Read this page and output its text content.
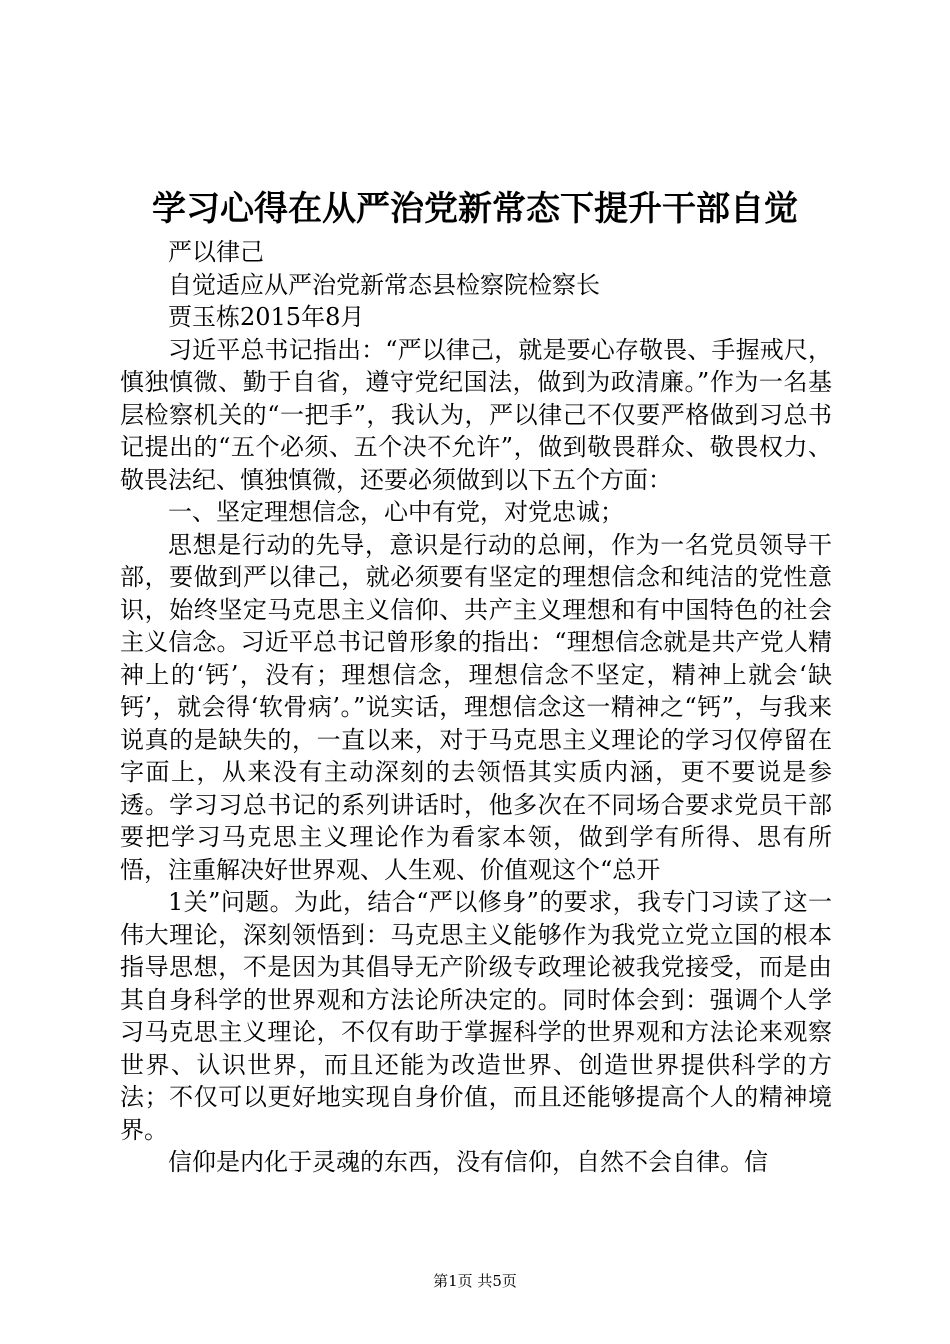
学习心得在从严治党新常态下提升干部自觉

严以律己

自觉适应从严治党新常态县检察院检察长

贾玉栋2015年8月

习近平总书记指出：“严以律己，就是要心存敬畏、手握戒尺，慎独慎微、勤于自省，遵守党纪国法，做到为政清廉。”作为一名基层检察机关的“一把手”，我认为，严以律己不仅要严格做到习总书记提出的“五个必须、五个决不允许”，做到敬畏群众、敬畏权力、敬畏法纪、慎独慎微，还要必须做到以下五个方面：

一、坚定理想信念，心中有党，对党忠诚；

思想是行动的先导，意识是行动的总闸，作为一名党员领导干部，要做到严以律己，就必须要有坚定的理想信念和纯洁的党性意识，始终坚定马克思主义信仰、共产主义理想和有中国特色的社会主义信念。习近平总书记曾形象的指出：“理想信念就是共产党人精神上的‘钙’，没有；理想信念，理想信念不坚定，精神上就会‘缺钙’，就会得‘软骨病’。”说实话，理想信念这一精神之“钙”，与我来说真的是缺失的，一直以来，对于马克思主义理论的学习仅停留在字面上，从来没有主动深刻的去领悟其实质内涵，更不要说是参透。学习习总书记的系列讲话时，他多次在不同场合要求党员干部要把学习马克思主义理论作为看家本领，做到学有所得、思有所悟，注重解决好世界观、人生观、价值观这个“总开

1关”问题。为此，结合“严以修身”的要求，我专门习读了这一伟大理论，深刻领悟到：马克思主义能够作为我党立党立国的根本指导思想，不是因为其倡导无产阶级专政理论被我党接受，而是由其自身科学的世界观和方法论所决定的。同时体会到：强调个人学习马克思主义理论，不仅有助于掌握科学的世界观和方法论来观察世界、认识世界，而且还能为改造世界、创造世界提供科学的方法；不仅可以更好地实现自身价值，而且还能够提高个人的精神境界。

信仰是内化于灵魂的东西，没有信仰，自然不会自律。信

第1页 共5页
